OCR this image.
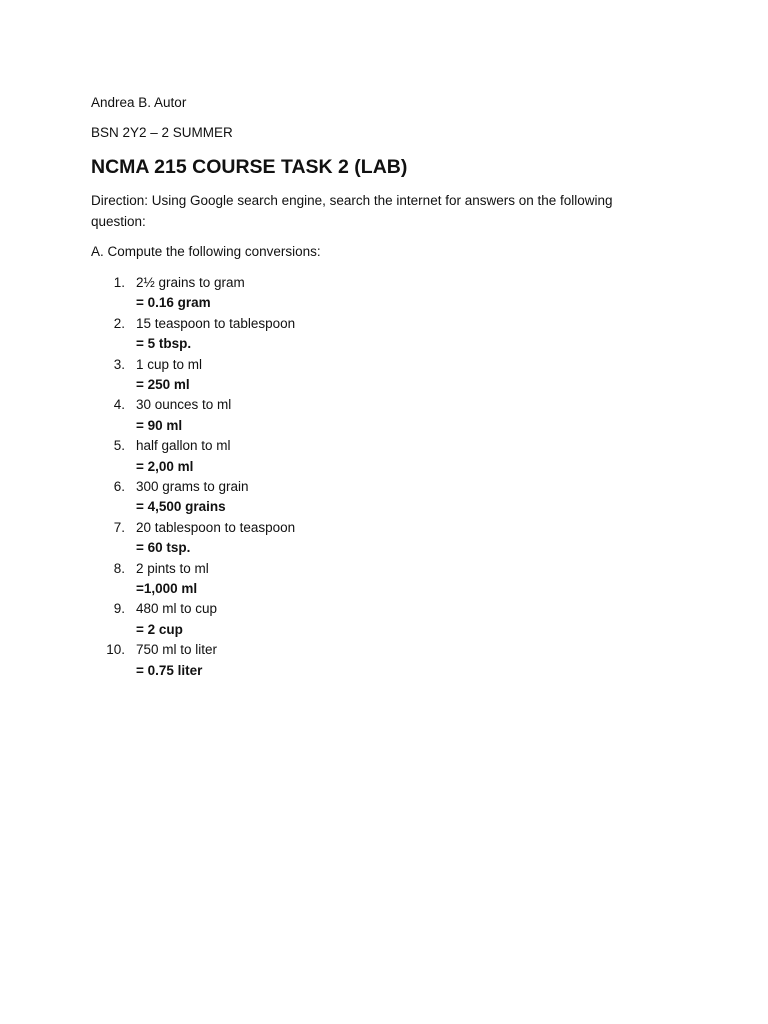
Andrea B. Autor
BSN 2Y2 – 2 SUMMER
NCMA 215 COURSE TASK 2 (LAB)
Direction: Using Google search engine, search the internet for answers on the following question:
A. Compute the following conversions:
1. 2½ grains to gram
= 0.16 gram
2. 15 teaspoon to tablespoon
= 5 tbsp.
3. 1 cup to ml
= 250 ml
4. 30 ounces to ml
= 90 ml
5. half gallon to ml
= 2,00 ml
6. 300 grams to grain
= 4,500 grains
7. 20 tablespoon to teaspoon
= 60 tsp.
8. 2 pints to ml
=1,000 ml
9. 480 ml to cup
= 2 cup
10. 750 ml to liter
= 0.75 liter
